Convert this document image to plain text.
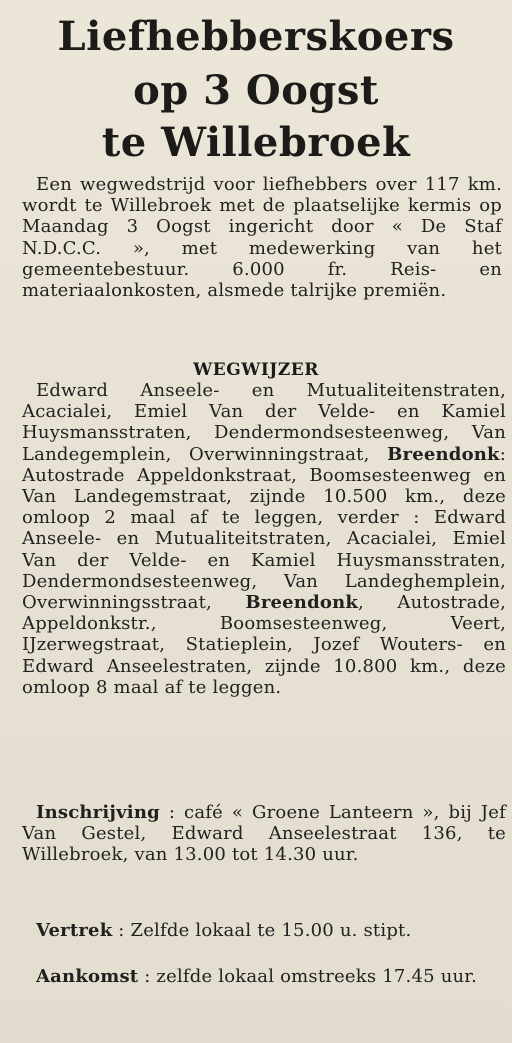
Liefhebberskoers
op 3 Oogst
te Willebroek
Een wegwedstrijd voor liefhebbers over 117 km. wordt te Willebroek met de plaatselijke kermis op Maandag 3 Oogst ingericht door « De Staf N.D.C.C. », met medewerking van het gemeentebestuur. 6.000 fr. Reis- en materiaalonkosten, alsmede talrijke premiën.
WEGWIJZER
Edward Anseele- en Mutualiteitenstraten, Acacialei, Emiel Van der Velde- en Kamiel Huysmansstraten, Dendermondsesteenweg, Van Landegemplein, Overwinningstraat, Breendonk: Autostrade Appeldonkstraat, Boomsesteenweg en Van Landegemstraat, zijnde 10.500 km., deze omloop 2 maal af te leggen, verder : Edward Anseele- en Mutualiteitstraten, Acacialei, Emiel Van der Velde- en Kamiel Huysmansstraten, Dendermondsesteenweg, Van Landeghemplein, Overwinningsstraat, Breendonk, Autostrade, Appeldonkstr., Boomsesteenweg, Veert, IJzerwegstraat, Statieplein, Jozef Wouters- en Edward Anseelestraten, zijnde 10.800 km., deze omloop 8 maal af te leggen.
Inschrijving : café « Groene Lanteern », bij Jef Van Gestel, Edward Anseelestraat 136, te Willebroek, van 13.00 tot 14.30 uur.
Vertrek : Zelfde lokaal te 15.00 u. stipt.
Aankomst : zelfde lokaal omstreeks 17.45 uur.
